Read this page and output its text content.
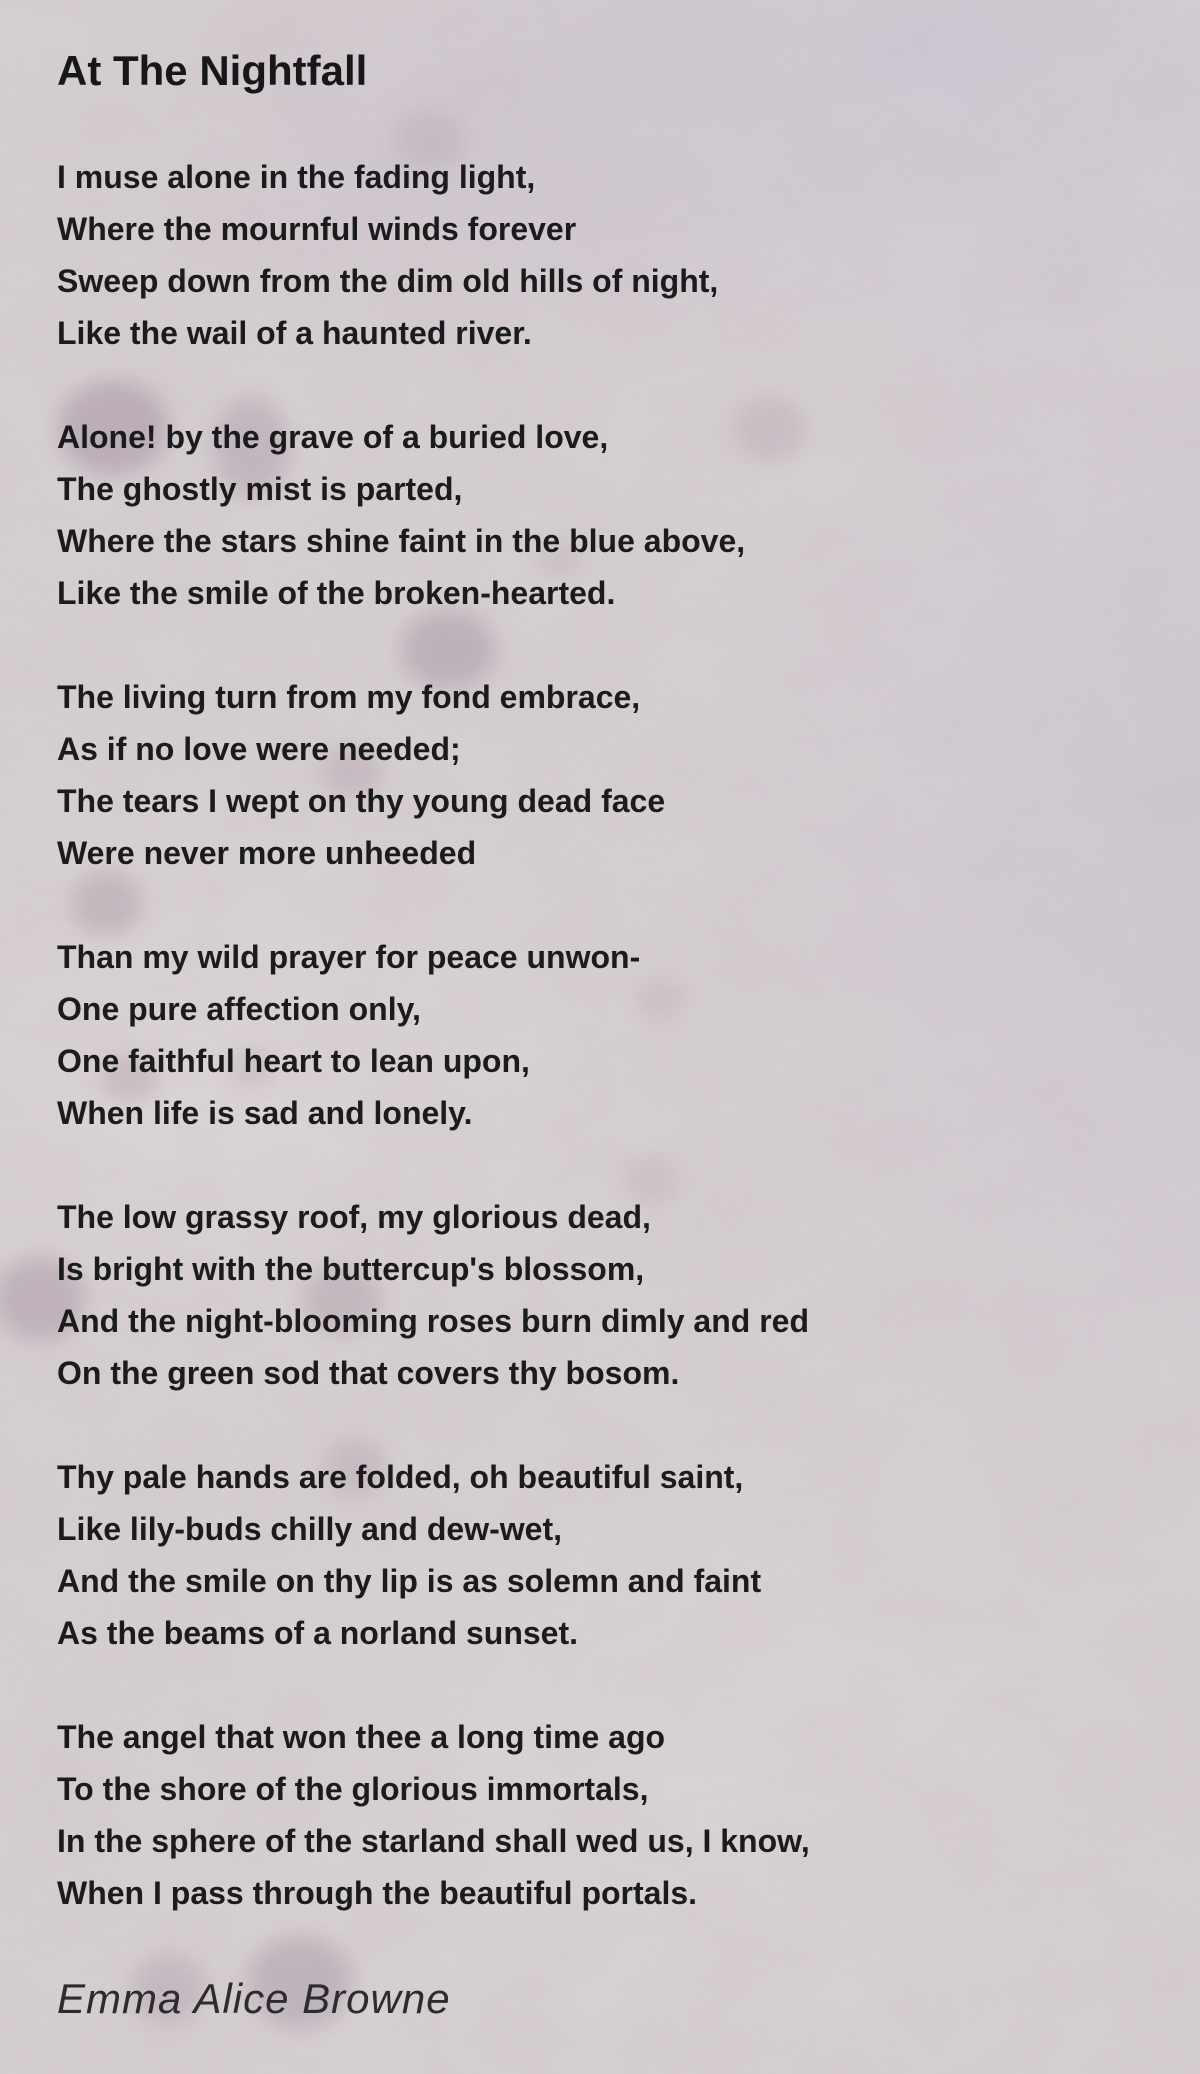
At The Nightfall

I muse alone in the fading light,
Where the mournful winds forever
Sweep down from the dim old hills of night,
Like the wail of a haunted river.

Alone! by the grave of a buried love,
The ghostly mist is parted,
Where the stars shine faint in the blue above,
Like the smile of the broken-hearted.

The living turn from my fond embrace,
As if no love were needed;
The tears I wept on thy young dead face
Were never more unheeded

Than my wild prayer for peace unwon-
One pure affection only,
One faithful heart to lean upon,
When life is sad and lonely.

The low grassy roof, my glorious dead,
Is bright with the buttercup's blossom,
And the night-blooming roses burn dimly and red
On the green sod that covers thy bosom.

Thy pale hands are folded, oh beautiful saint,
Like lily-buds chilly and dew-wet,
And the smile on thy lip is as solemn and faint
As the beams of a norland sunset.

The angel that won thee a long time ago
To the shore of the glorious immortals,
In the sphere of the starland shall wed us, I know,
When I pass through the beautiful portals.

Emma Alice Browne
